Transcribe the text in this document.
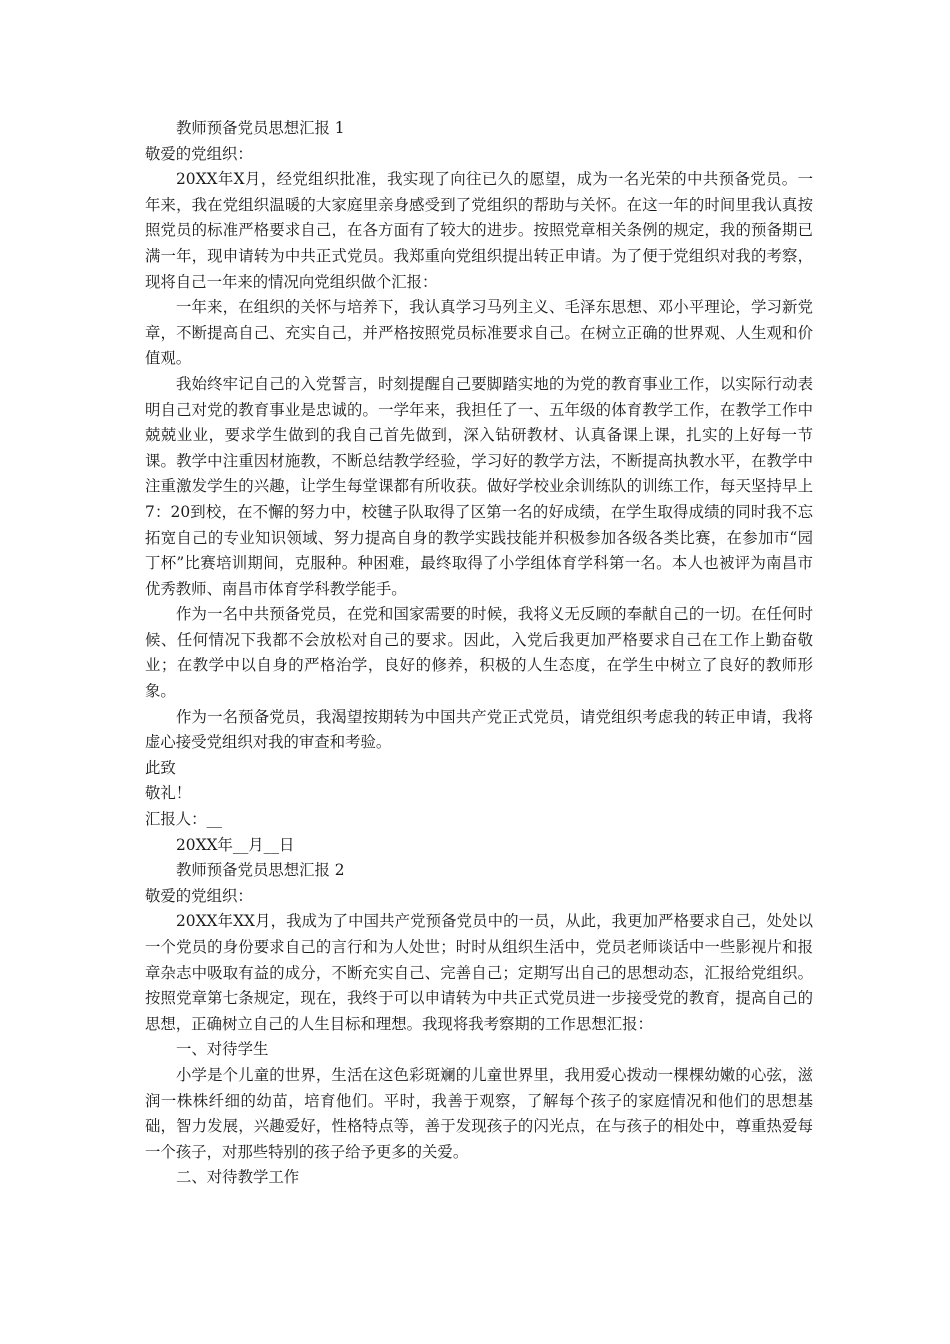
教师预备党员思想汇报 1

敬爱的党组织：

20XX年X月，经党组织批准，我实现了向往已久的愿望，成为一名光荣的中共预备党员。一年来，我在党组织温暖的大家庭里亲身感受到了党组织的帮助与关怀。在这一年的时间里我认真按照党员的标准严格要求自己，在各方面有了较大的进步。按照党章相关条例的规定，我的预备期已满一年，现申请转为中共正式党员。我郑重向党组织提出转正申请。为了便于党组织对我的考察，现将自己一年来的情况向党组织做个汇报：

一年来，在组织的关怀与培养下，我认真学习马列主义、毛泽东思想、邓小平理论，学习新党章，不断提高自己、充实自己，并严格按照党员标准要求自己。在树立正确的世界观、人生观和价值观。

我始终牢记自己的入党誓言，时刻提醒自己要脚踏实地的为党的教育事业工作，以实际行动表明自己对党的教育事业是忠诚的。一学年来，我担任了一、五年级的体育教学工作，在教学工作中兢兢业业，要求学生做到的我自己首先做到，深入钻研教材、认真备课上课，扎实的上好每一节课。教学中注重因材施教，不断总结教学经验，学习好的教学方法，不断提高执教水平，在教学中注重激发学生的兴趣，让学生每堂课都有所收获。做好学校业余训练队的训练工作，每天坚持早上7：20到校，在不懈的努力中，校毽子队取得了区第一名的好成绩，在学生取得成绩的同时我不忘拓宽自己的专业知识领域、努力提高自身的教学实践技能并积极参加各级各类比赛，在参加市“园丁杯”比赛培训期间，克服种。种困难，最终取得了小学组体育学科第一名。本人也被评为南昌市优秀教师、南昌市体育学科教学能手。

作为一名中共预备党员，在党和国家需要的时候，我将义无反顾的奉献自己的一切。在任何时候、任何情况下我都不会放松对自己的要求。因此，入党后我更加严格要求自己在工作上勤奋敬业；在教学中以自身的严格治学，良好的修养，积极的人生态度，在学生中树立了良好的教师形象。

作为一名预备党员，我渴望按期转为中国共产党正式党员，请党组织考虑我的转正申请，我将虚心接受党组织对我的审查和考验。

此致

敬礼！

汇报人：__

20XX年__月__日

教师预备党员思想汇报 2

敬爱的党组织：

20XX年XX月，我成为了中国共产党预备党员中的一员，从此，我更加严格要求自己，处处以一个党员的身份要求自己的言行和为人处世；时时从组织生活中，党员老师谈话中一些影视片和报章杂志中吸取有益的成分，不断充实自己、完善自己；定期写出自己的思想动态，汇报给党组织。按照党章第七条规定，现在，我终于可以申请转为中共正式党员进一步接受党的教育，提高自己的思想，正确树立自己的人生目标和理想。我现将我考察期的工作思想汇报：

一、对待学生

小学是个儿童的世界，生活在这色彩斑斓的儿童世界里，我用爱心拨动一棵棵幼嫩的心弦，滋润一株株纤细的幼苗，培育他们。平时，我善于观察，了解每个孩子的家庭情况和他们的思想基础，智力发展，兴趣爱好，性格特点等，善于发现孩子的闪光点，在与孩子的相处中，尊重热爱每一个孩子，对那些特别的孩子给予更多的关爱。

二、对待教学工作
